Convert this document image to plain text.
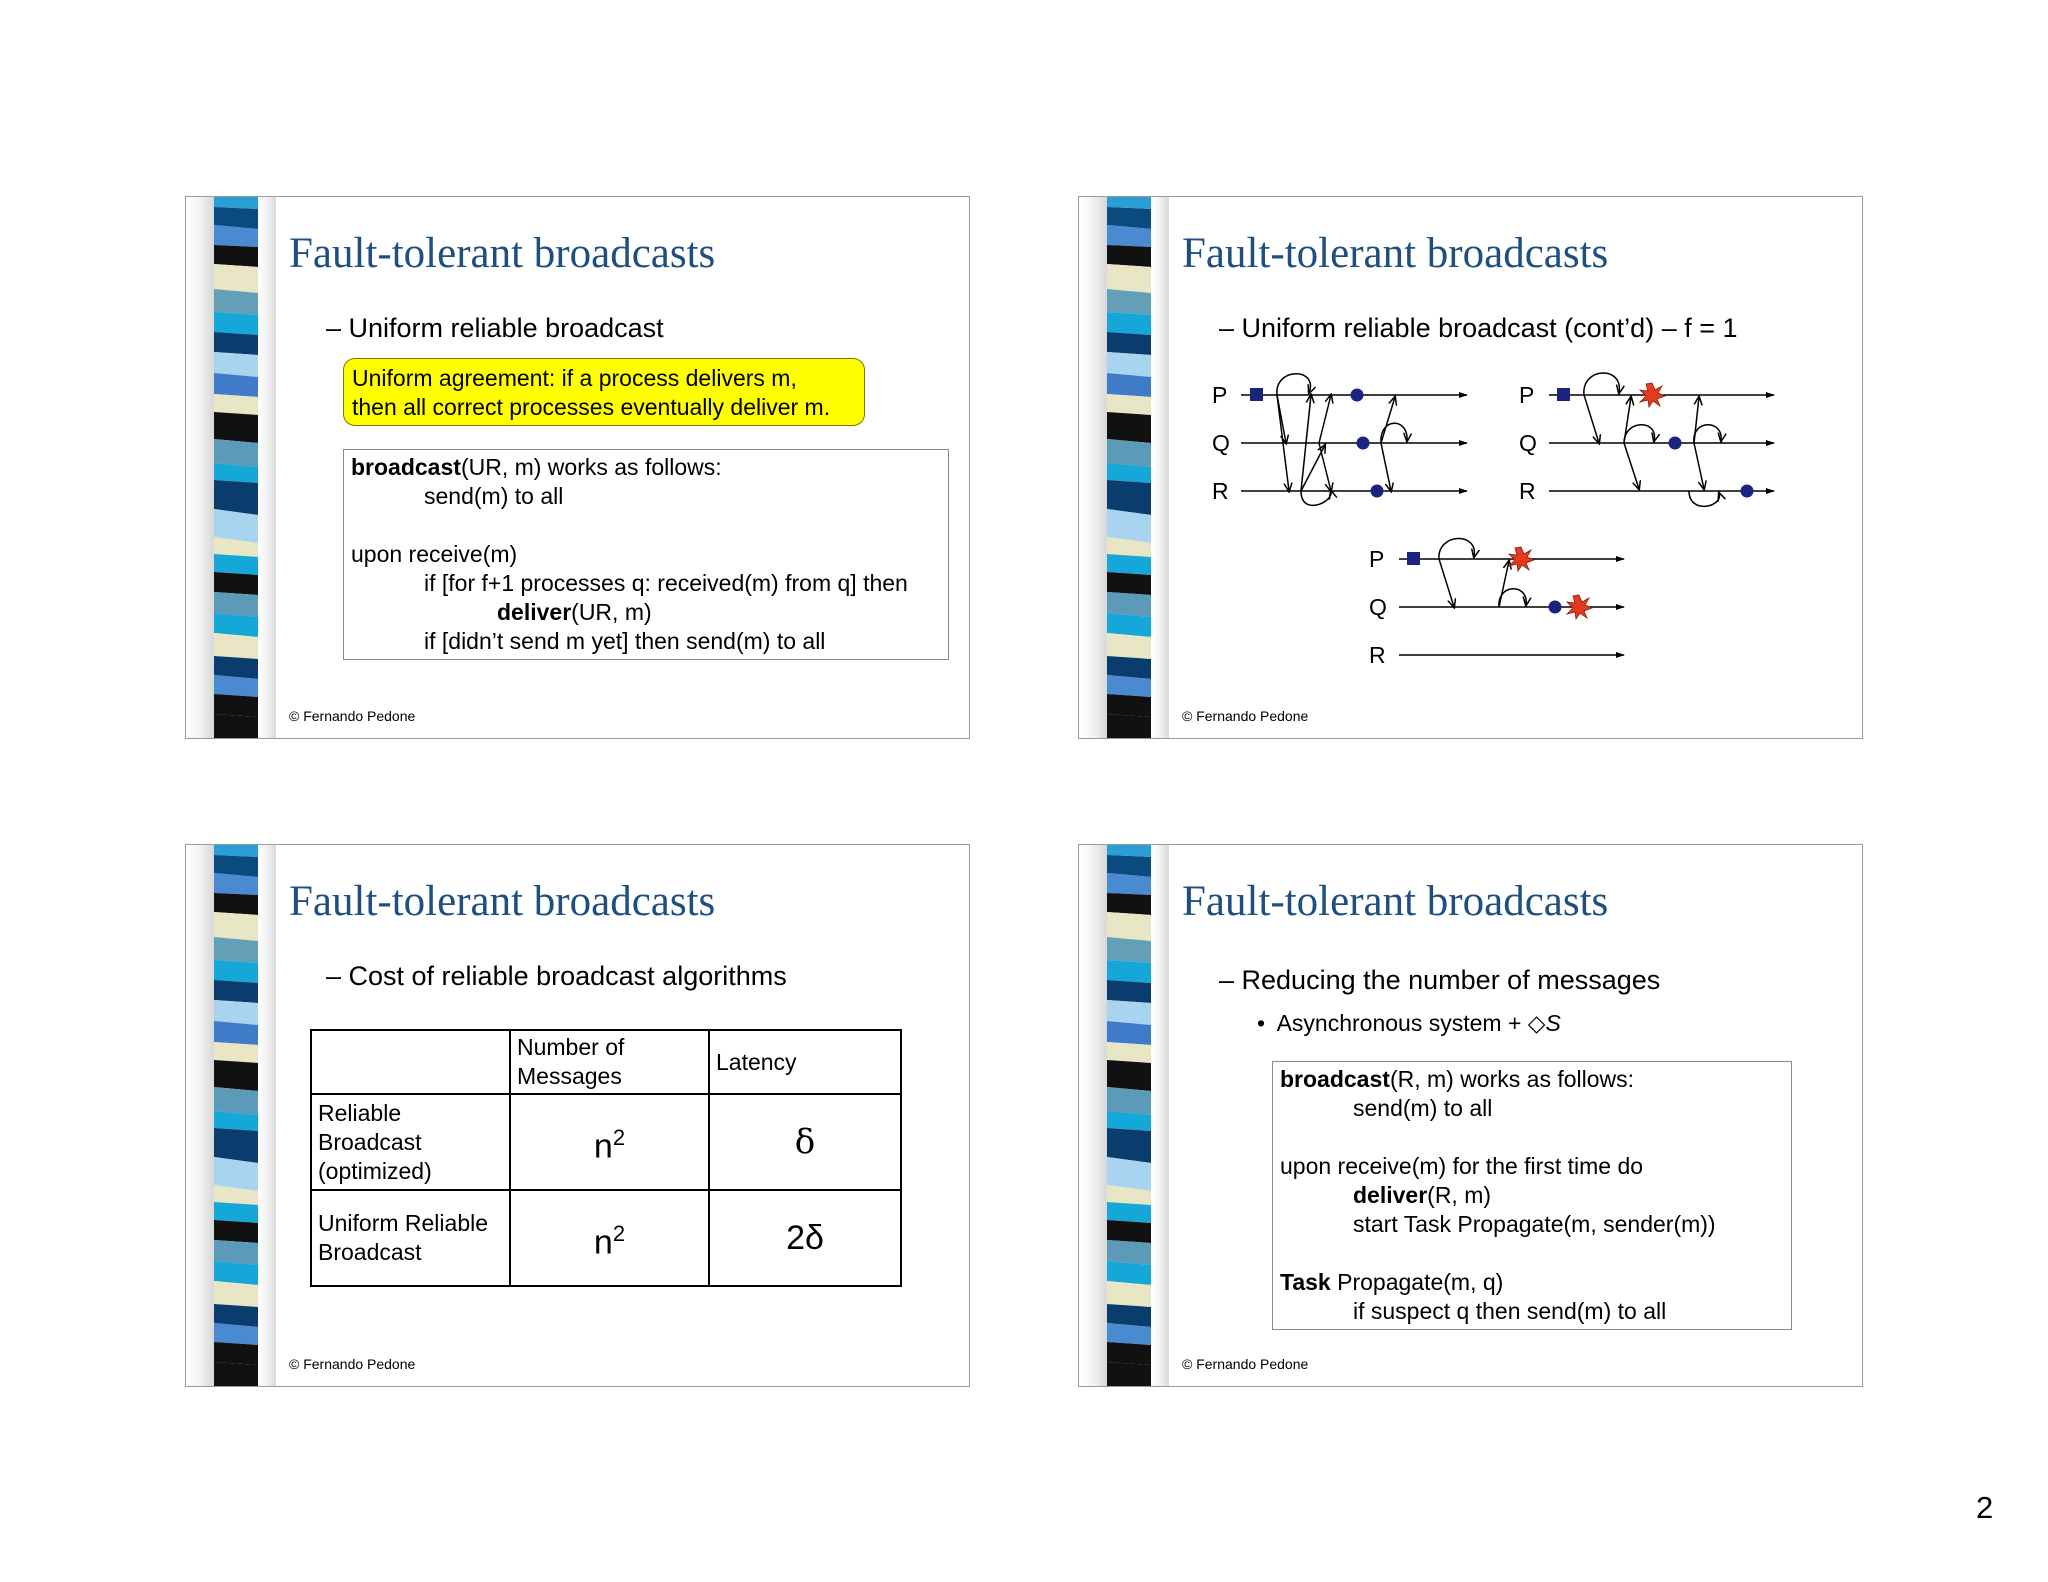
Fault-tolerant broadcasts
– Uniform reliable broadcast
Uniform agreement: if a process delivers m,
then all correct processes eventually deliver m.
broadcast(UR, m) works as follows:
send(m) to all
upon receive(m)
if [for f+1 processes q: received(m) from q] then
deliver(UR, m)
if [didn’t send m yet] then send(m) to all
© Fernando Pedone
Fault-tolerant broadcasts
– Uniform reliable broadcast (cont’d) – f = 1
P
Q
R
P
Q
R
P
Q
R
© Fernando Pedone
Fault-tolerant broadcasts
– Cost of reliable broadcast algorithms
	Number of Messages	Latency
Reliable Broadcast (optimized)	$n^2$	δ
Uniform Reliable Broadcast	$n^2$	2δ
© Fernando Pedone
Fault-tolerant broadcasts
– Reducing the number of messages
• Asynchronous system + ◇S
broadcast(R, m) works as follows:
send(m) to all
upon receive(m) for the first time do
deliver(R, m)
start Task Propagate(m, sender(m))
Task Propagate(m, q)
if suspect q then send(m) to all
© Fernando Pedone
2
